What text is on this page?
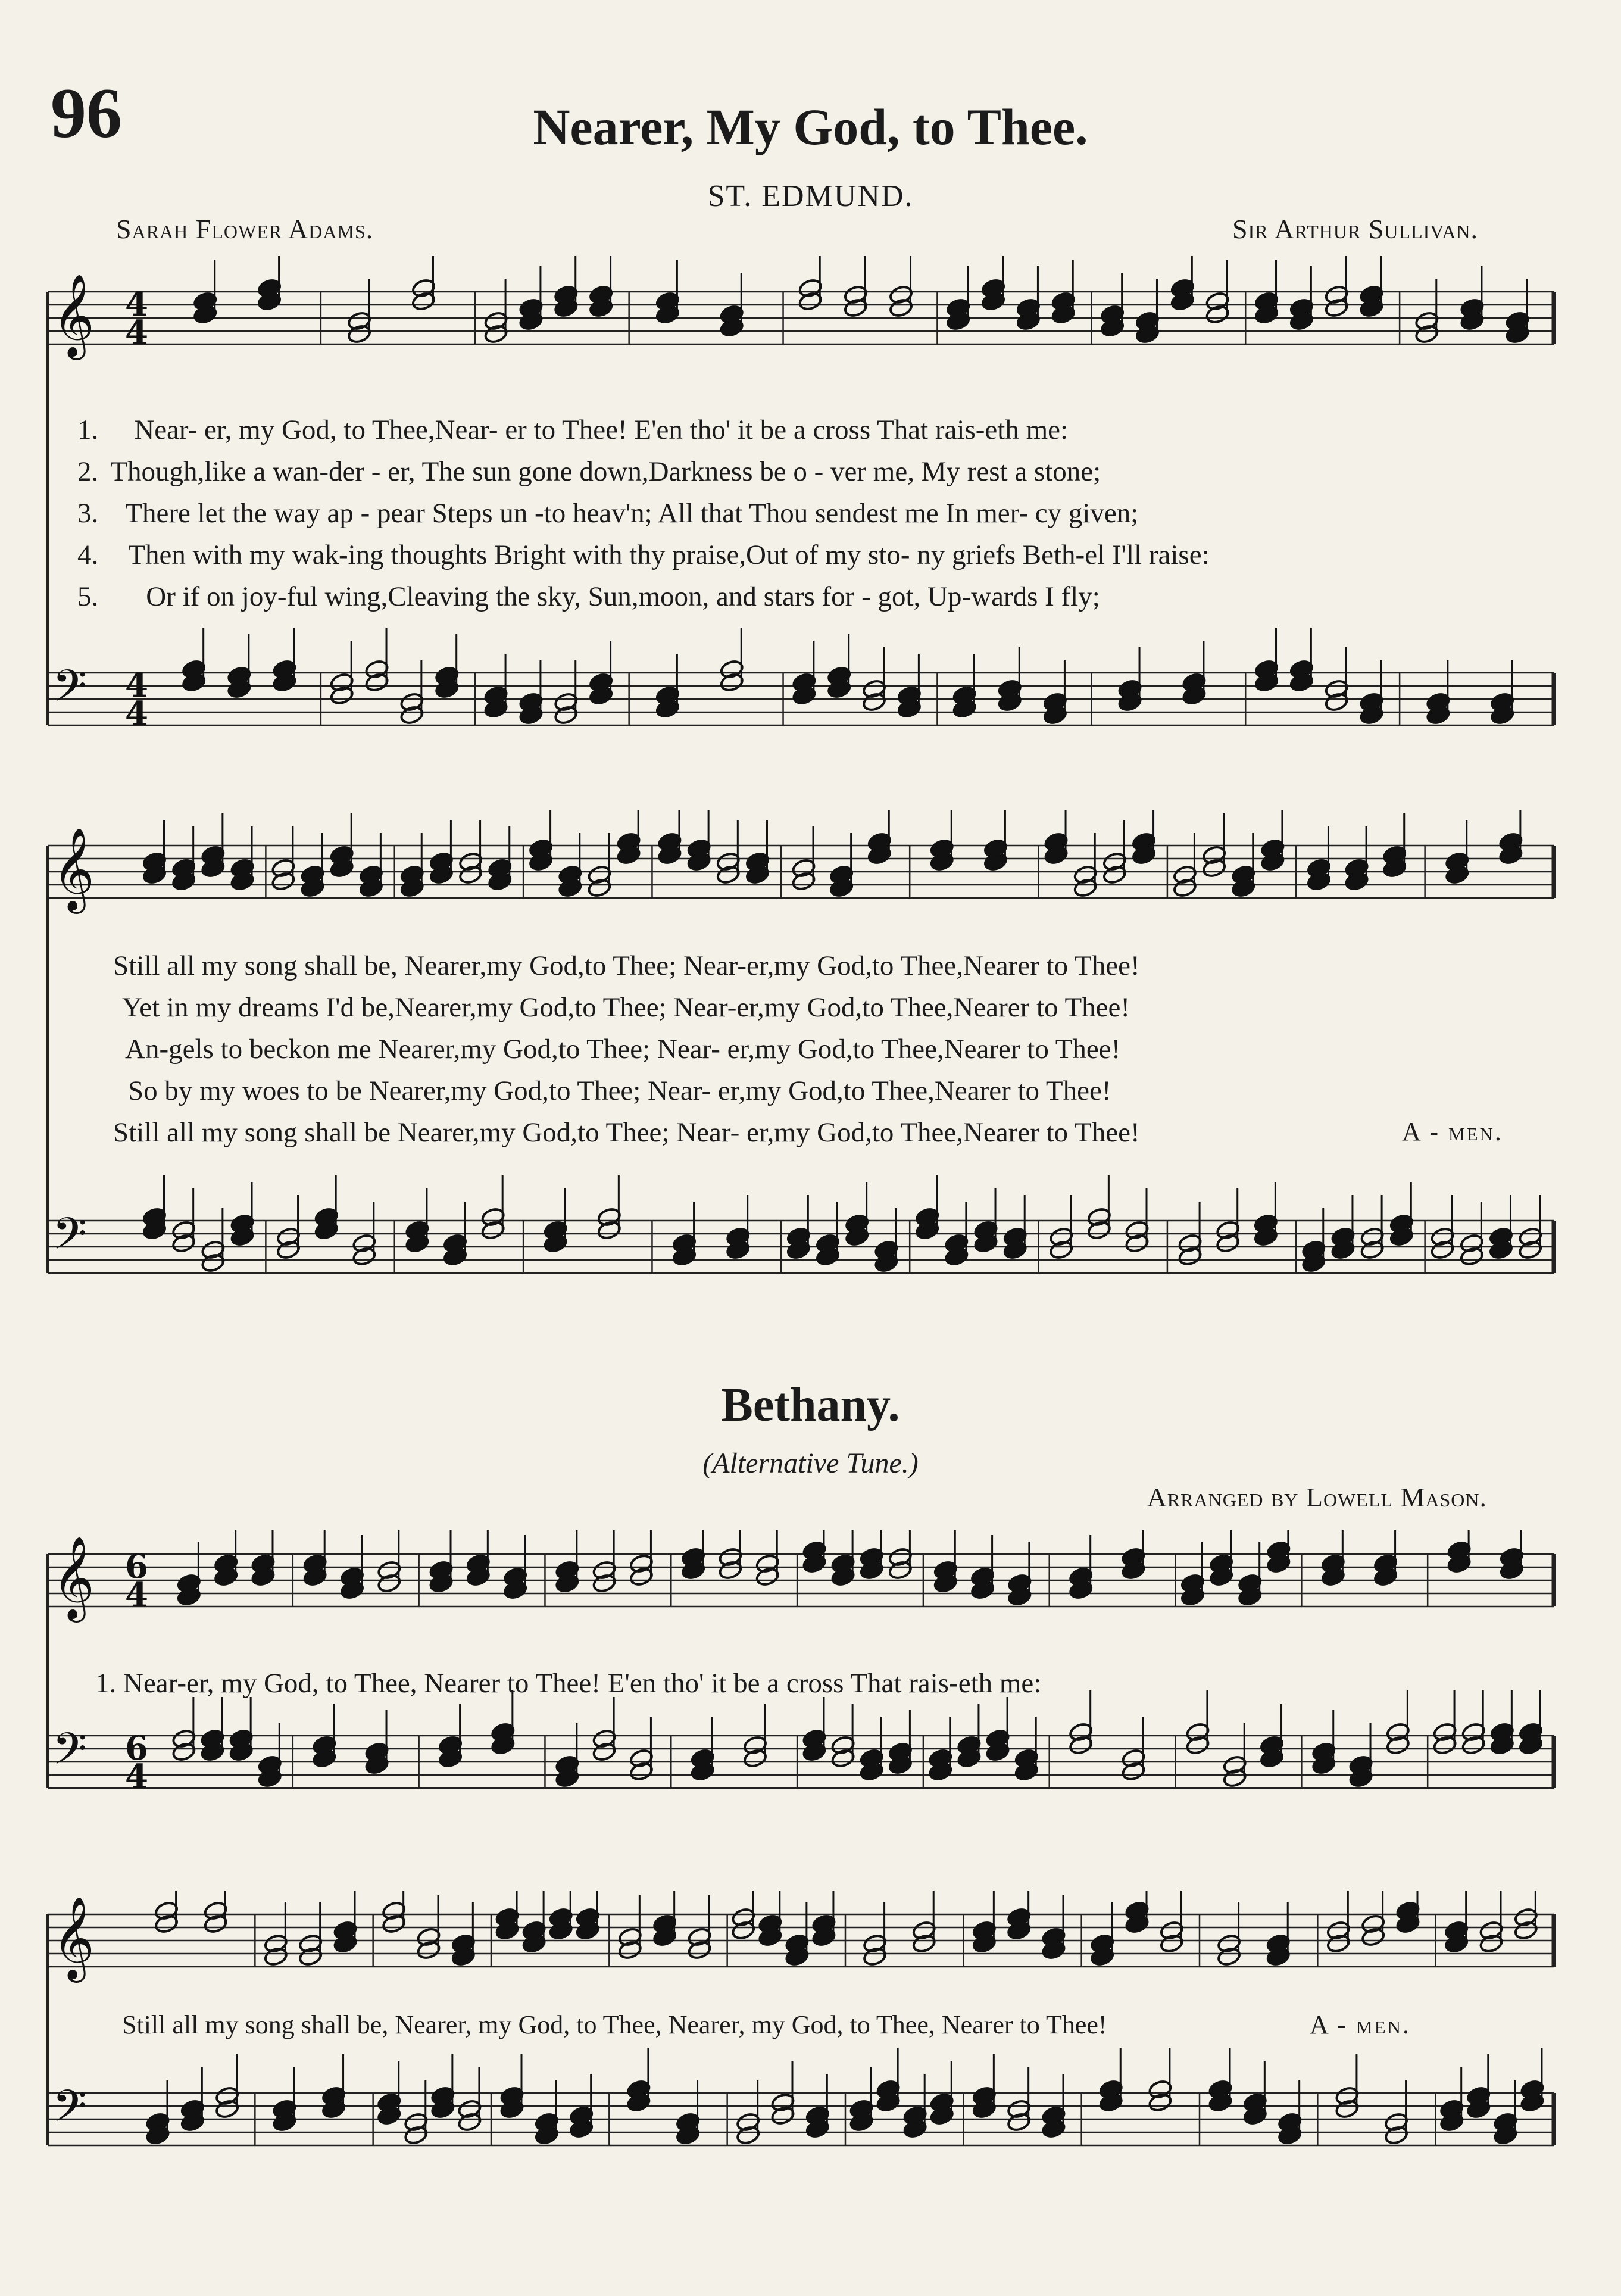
96	Nearer, My God, to Thee.
ST. EDMUND.
Sarah Flower Adams.	Sir Arthur Sullivan.
𝄞 4
4
𝄢 4
4
1. Near- er, my God, to Thee,Near- er to Thee! E'en tho' it be a cross That rais-eth me:
2. Though,like a wan-der - er, The sun gone down,Darkness be o - ver me, My rest a stone;
3. There let the way ap - pear Steps un -to heav'n; All that Thou sendest me In mer- cy given;
4. Then with my wak-ing thoughts Bright with thy praise,Out of my sto- ny griefs Beth-el I'll raise:
5. Or if on joy-ful wing,Cleaving the sky, Sun,moon, and stars for - got, Up-wards I fly;
𝄞
𝄢
Still all my song shall be, Nearer,my God,to Thee; Near-er,my God,to Thee,Nearer to Thee!
Yet in my dreams I'd be,Nearer,my God,to Thee; Near-er,my God,to Thee,Nearer to Thee!
An-gels to beckon me Nearer,my God,to Thee; Near- er,my God,to Thee,Nearer to Thee!
So by my woes to be Nearer,my God,to Thee; Near- er,my God,to Thee,Nearer to Thee!
Still all my song shall be Nearer,my God,to Thee; Near- er,my God,to Thee,Nearer to Thee!	A - men.
Bethany.
(Alternative Tune.)
Arranged by Lowell Mason.
𝄞 6
4
𝄢 6
4
1. Near-er, my God, to Thee, Nearer to Thee! E'en tho' it be a cross That rais-eth me:
𝄞
𝄢
Still all my song shall be, Nearer, my God, to Thee, Nearer, my God, to Thee, Nearer to Thee!	A - men.
